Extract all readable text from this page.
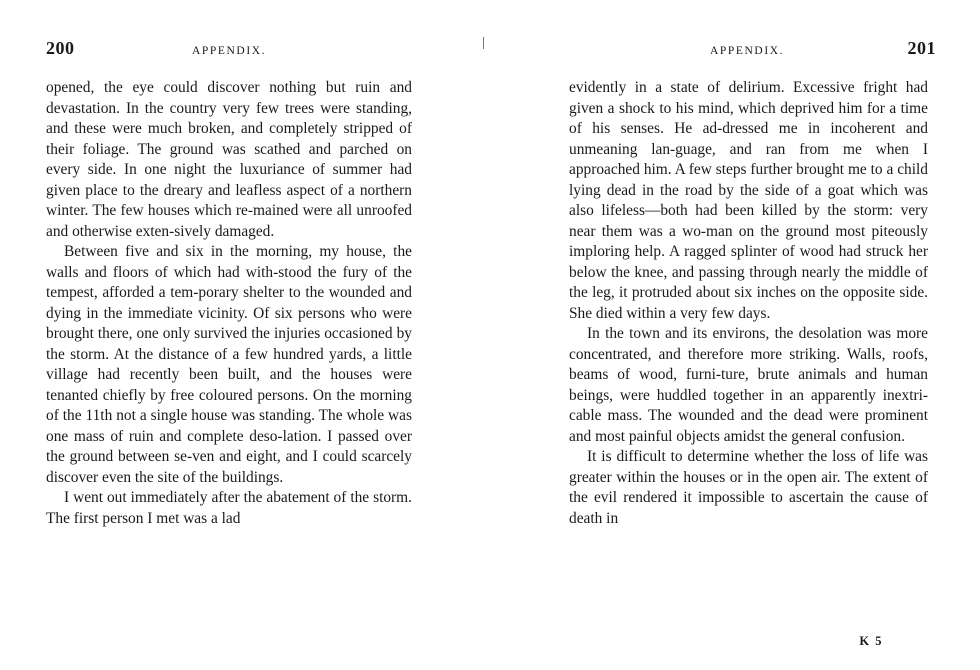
200	APPENDIX.

opened, the eye could discover nothing but ruin and devastation. In the country very few trees were standing, and these were much broken, and completely stripped of their foliage. The ground was scathed and parched on every side. In one night the luxuriance of summer had given place to the dreary and leafless aspect of a northern winter. The few houses which re-mained were all unroofed and otherwise exten-sively damaged.

Between five and six in the morning, my house, the walls and floors of which had with-stood the fury of the tempest, afforded a tem-porary shelter to the wounded and dying in the immediate vicinity. Of six persons who were brought there, one only survived the injuries occasioned by the storm. At the distance of a few hundred yards, a little village had recently been built, and the houses were tenanted chiefly by free coloured persons. On the morning of the 11th not a single house was standing. The whole was one mass of ruin and complete deso-lation. I passed over the ground between se-ven and eight, and I could scarcely discover even the site of the buildings.

I went out immediately after the abatement of the storm. The first person I met was a lad

APPENDIX.	201

evidently in a state of delirium. Excessive fright had given a shock to his mind, which deprived him for a time of his senses. He ad-dressed me in incoherent and unmeaning lan-guage, and ran from me when I approached him. A few steps further brought me to a child lying dead in the road by the side of a goat which was also lifeless—both had been killed by the storm: very near them was a wo-man on the ground most piteously imploring help. A ragged splinter of wood had struck her below the knee, and passing through nearly the middle of the leg, it protruded about six inches on the opposite side. She died within a very few days.

In the town and its environs, the desolation was more concentrated, and therefore more striking. Walls, roofs, beams of wood, furni-ture, brute animals and human beings, were huddled together in an apparently inextri-cable mass. The wounded and the dead were prominent and most painful objects amidst the general confusion.

It is difficult to determine whether the loss of life was greater within the houses or in the open air. The extent of the evil rendered it impossible to ascertain the cause of death in

K 5
